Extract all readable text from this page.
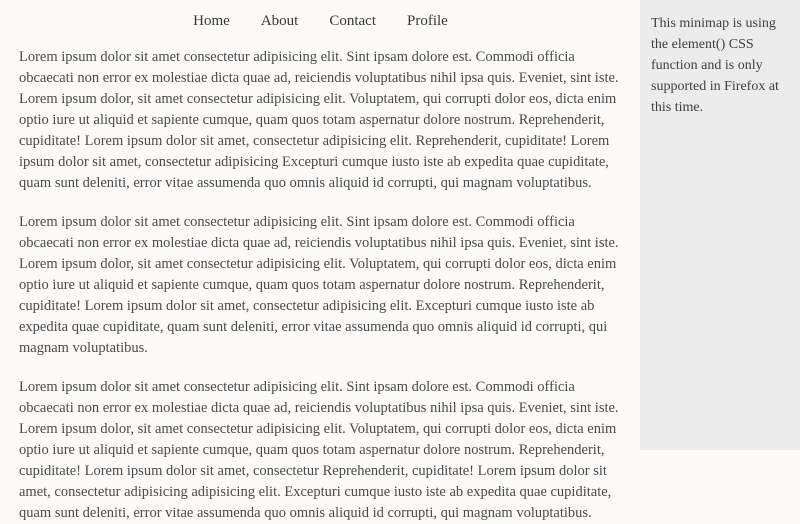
Home About Contact Profile

Lorem ipsum dolor sit amet consectetur adipisicing elit. Sint ipsam dolore est. Commodi officia obcaecati non error ex molestiae dicta quae ad, reiciendis voluptatibus nihil ipsa quis. Eveniet, sint iste. Lorem ipsum dolor, sit amet consectetur adipisicing elit. Voluptatem, qui corrupti dolor eos, dicta enim optio iure ut aliquid et sapiente cumque, quam quos totam aspernatur dolore nostrum. Reprehenderit, cupiditate! Lorem ipsum dolor sit amet, consectetur adipisicing elit. Reprehenderit, cupiditate! Lorem ipsum dolor sit amet, consectetur adipisicing Excepturi cumque iusto iste ab expedita quae cupiditate, quam sunt deleniti, error vitae assumenda quo omnis aliquid id corrupti, qui magnam voluptatibus.

Lorem ipsum dolor sit amet consectetur adipisicing elit. Sint ipsam dolore est. Commodi officia obcaecati non error ex molestiae dicta quae ad, reiciendis voluptatibus nihil ipsa quis. Eveniet, sint iste. Lorem ipsum dolor, sit amet consectetur adipisicing elit. Voluptatem, qui corrupti dolor eos, dicta enim optio iure ut aliquid et sapiente cumque, quam quos totam aspernatur dolore nostrum. Reprehenderit, cupiditate! Lorem ipsum dolor sit amet, consectetur adipisicing elit. Excepturi cumque iusto iste ab expedita quae cupiditate, quam sunt deleniti, error vitae assumenda quo omnis aliquid id corrupti, qui magnam voluptatibus.

Lorem ipsum dolor sit amet consectetur adipisicing elit. Sint ipsam dolore est. Commodi officia obcaecati non error ex molestiae dicta quae ad, reiciendis voluptatibus nihil ipsa quis. Eveniet, sint iste. Lorem ipsum dolor, sit amet consectetur adipisicing elit. Voluptatem, qui corrupti dolor eos, dicta enim optio iure ut aliquid et sapiente cumque, quam quos totam aspernatur dolore nostrum. Reprehenderit, cupiditate! Lorem ipsum dolor sit amet, consectetur Reprehenderit, cupiditate! Lorem ipsum dolor sit amet, consectetur adipisicing adipisicing elit. Excepturi cumque iusto iste ab expedita quae cupiditate, quam sunt deleniti, error vitae assumenda quo omnis aliquid id corrupti, qui magnam voluptatibus.

This minimap is using the element() CSS function and is only supported in Firefox at this time.
